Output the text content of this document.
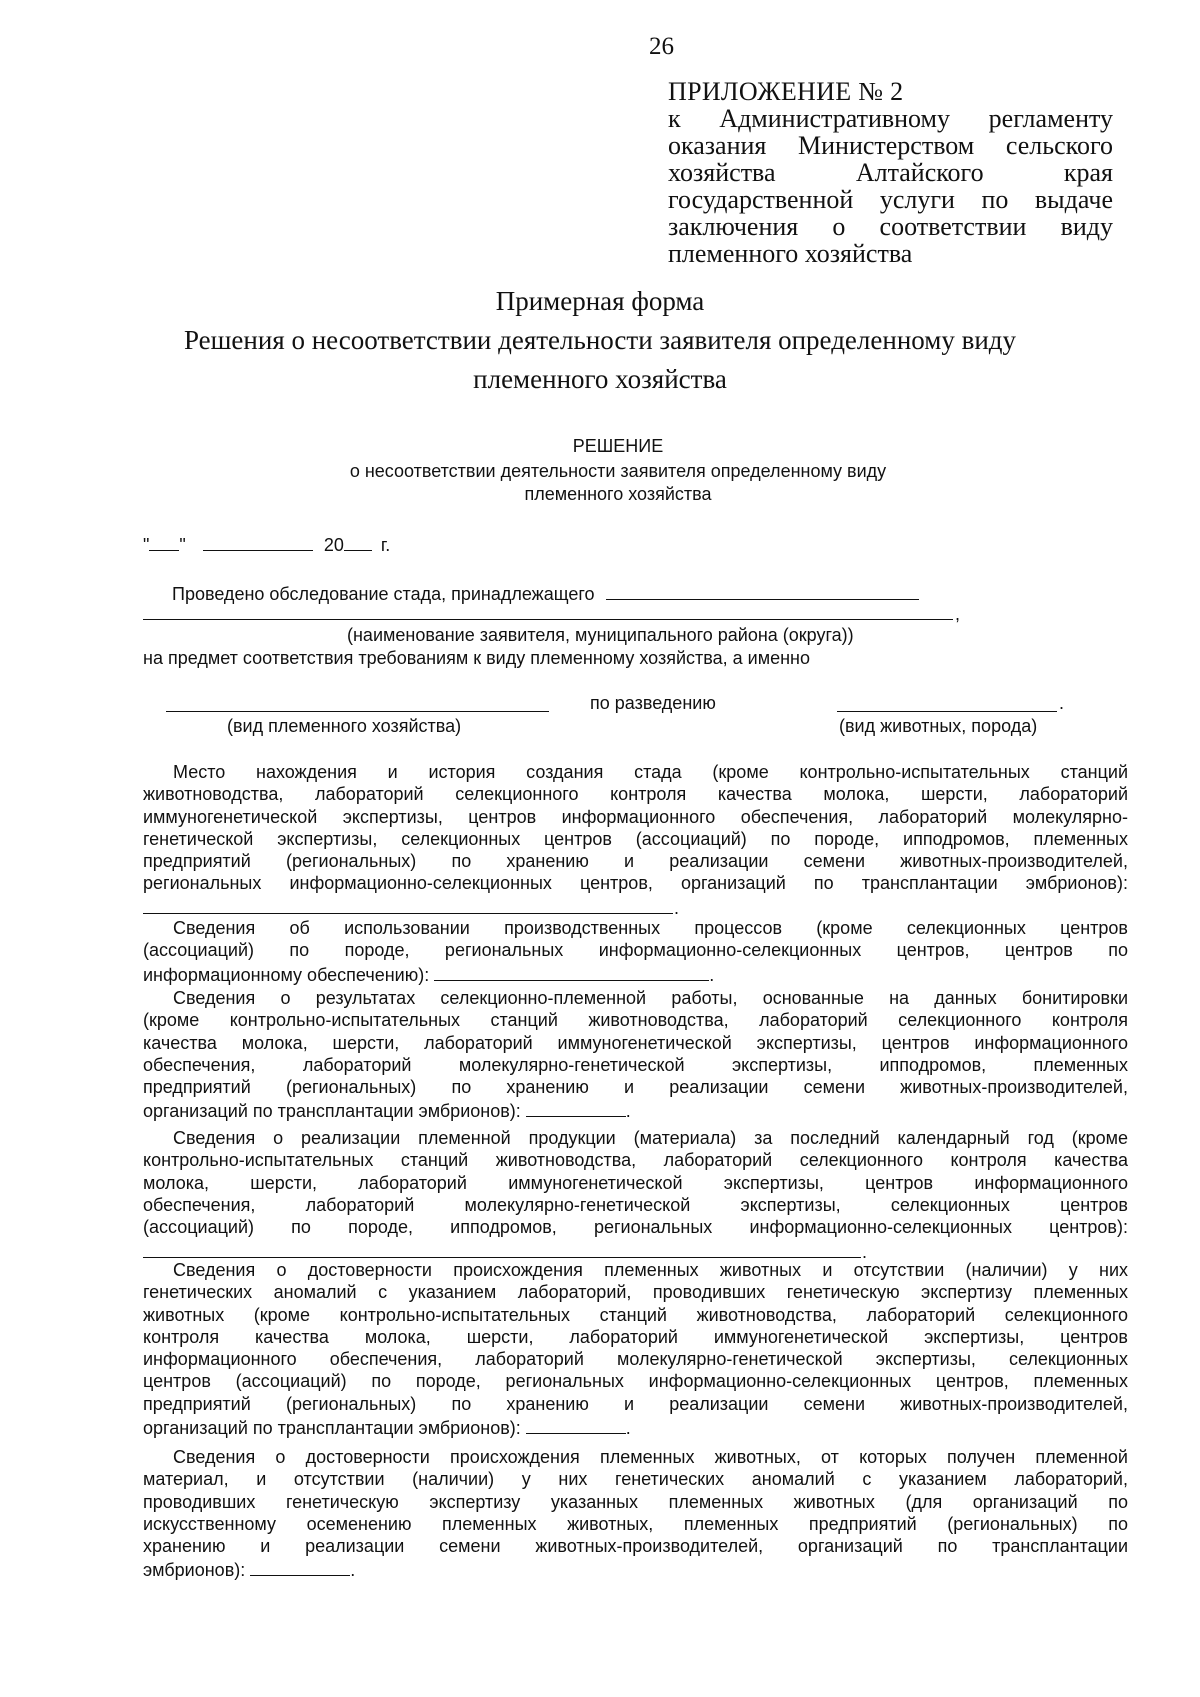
26
ПРИЛОЖЕНИЕ № 2
к Административному регламенту
оказания Министерством сельского
хозяйства Алтайского края
государственной услуги по выдаче
заключения о соответствии виду
племенного хозяйства
Примерная форма
Решения о несоответствии деятельности заявителя определенному виду
племенного хозяйства
РЕШЕНИЕ
о несоответствии деятельности заявителя определенному виду
племенного хозяйства
" "	20 г.
Проведено обследование стада, принадлежащего
,
(наименование заявителя, муниципального района (округа))
на предмет соответствия требованиям к виду племенному хозяйства, а именно
по разведению	.
(вид племенного хозяйства)	(вид животных, порода)
Место нахождения и история создания стада (кроме контрольно-испытательных станций
животноводства, лабораторий селекционного контроля качества молока, шерсти, лабораторий
иммуногенетической экспертизы, центров информационного обеспечения, лабораторий молекулярно-
генетической экспертизы, селекционных центров (ассоциаций) по породе, ипподромов, племенных
предприятий (региональных) по хранению и реализации семени животных-производителей,
региональных информационно-селекционных центров, организаций по трансплантации эмбрионов):
.
Сведения об использовании производственных процессов (кроме селекционных центров
(ассоциаций) по породе, региональных информационно-селекционных центров, центров по
информационному обеспечению):	.
Сведения о результатах селекционно-племенной работы, основанные на данных бонитировки
(кроме контрольно-испытательных станций животноводства, лабораторий селекционного контроля
качества молока, шерсти, лабораторий иммуногенетической экспертизы, центров информационного
обеспечения, лабораторий молекулярно-генетической экспертизы, ипподромов, племенных
предприятий (региональных) по хранению и реализации семени животных-производителей,
организаций по трансплантации эмбрионов):	.
Сведения о реализации племенной продукции (материала) за последний календарный год (кроме
контрольно-испытательных станций животноводства, лабораторий селекционного контроля качества
молока, шерсти, лабораторий иммуногенетической экспертизы, центров информационного
обеспечения, лабораторий молекулярно-генетической экспертизы, селекционных центров
(ассоциаций) по породе, ипподромов, региональных информационно-селекционных центров):
.
Сведения о достоверности происхождения племенных животных и отсутствии (наличии) у них
генетических аномалий с указанием лабораторий, проводивших генетическую экспертизу племенных
животных (кроме контрольно-испытательных станций животноводства, лабораторий селекционного
контроля качества молока, шерсти, лабораторий иммуногенетической экспертизы, центров
информационного обеспечения, лабораторий молекулярно-генетической экспертизы, селекционных
центров (ассоциаций) по породе, региональных информационно-селекционных центров, племенных
предприятий (региональных) по хранению и реализации семени животных-производителей,
организаций по трансплантации эмбрионов):	.
Сведения о достоверности происхождения племенных животных, от которых получен племенной
материал, и отсутствии (наличии) у них генетических аномалий с указанием лабораторий,
проводивших генетическую экспертизу указанных племенных животных (для организаций по
искусственному осеменению племенных животных, племенных предприятий (региональных) по
хранению и реализации семени животных-производителей, организаций по трансплантации
эмбрионов):	.
